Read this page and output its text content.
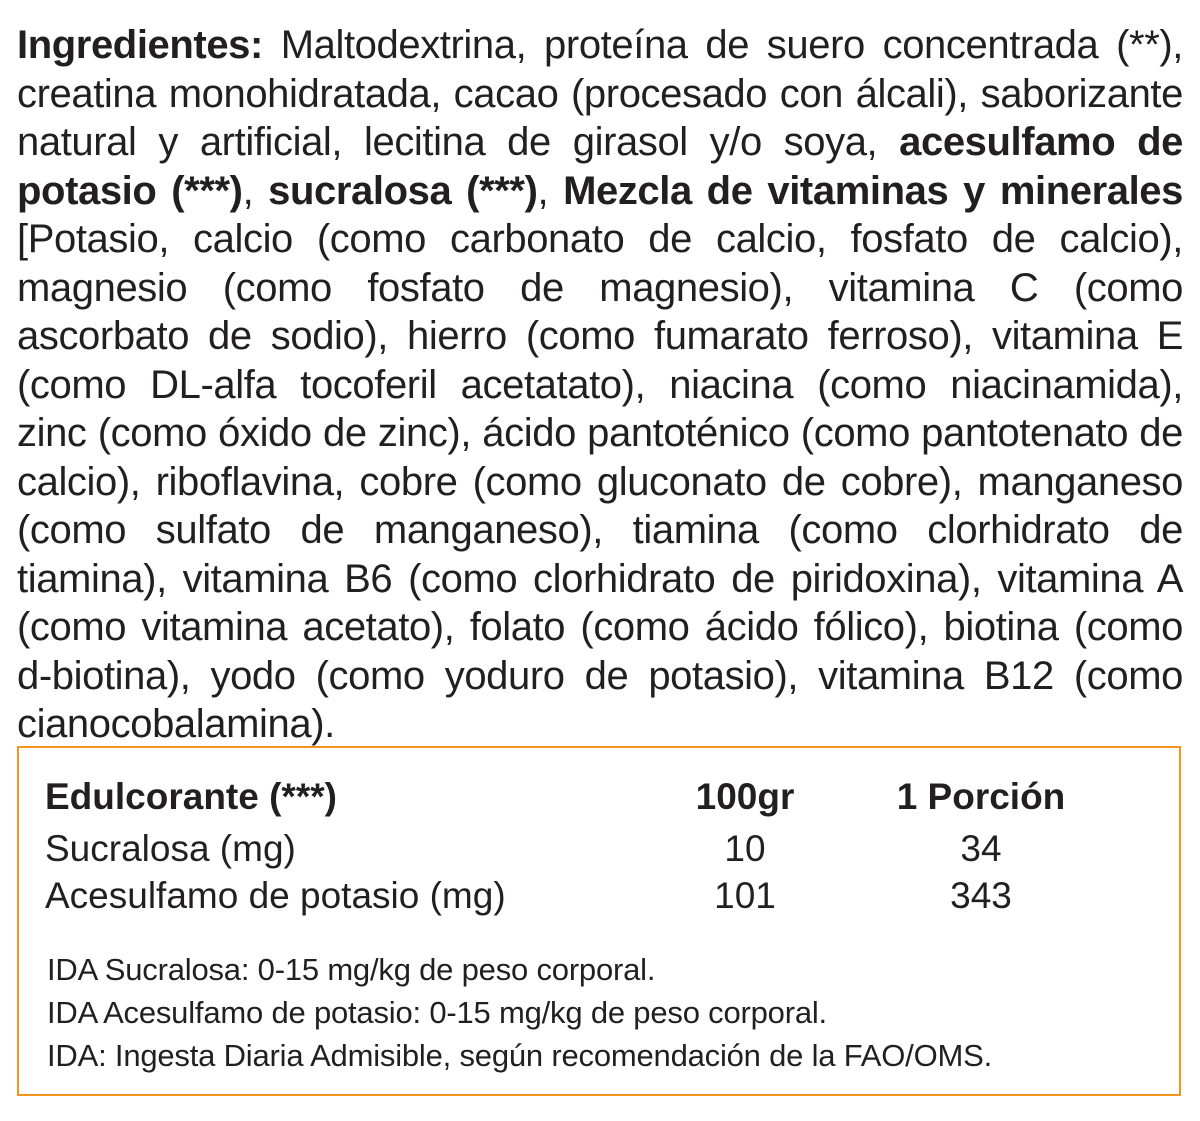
Ingredientes: Maltodextrina, proteína de suero concentrada (**), creatina monohidratada, cacao (procesado con álcali), saborizante natural y artificial, lecitina de girasol y/o soya, acesulfamo de potasio (***), sucralosa (***), Mezcla de vitaminas y minerales [Potasio, calcio (como carbonato de calcio, fosfato de calcio), magnesio (como fosfato de magnesio), vitamina C (como ascorbato de sodio), hierro (como fumarato ferroso), vitamina E (como DL-alfa tocoferil acetatato), niacina (como niacinamida), zinc (como óxido de zinc), ácido pantoténico (como pantotenato de calcio), riboflavina, cobre (como gluconato de cobre), manganeso (como sulfato de manganeso), tiamina (como clorhidrato de tiamina), vitamina B6 (como clorhidrato de piridoxina), vitamina A (como vitamina acetato), folato (como ácido fólico), biotina (como d-biotina), yodo (como yoduro de potasio), vitamina B12 (como cianocobalamina).
Edulcorante (***)	100gr	1 Porción
Sucralosa (mg)	10	34
Acesulfamo de potasio (mg)	101	343
IDA Sucralosa: 0-15 mg/kg de peso corporal.
IDA Acesulfamo de potasio: 0-15 mg/kg de peso corporal.
IDA: Ingesta Diaria Admisible, según recomendación de la FAO/OMS.
